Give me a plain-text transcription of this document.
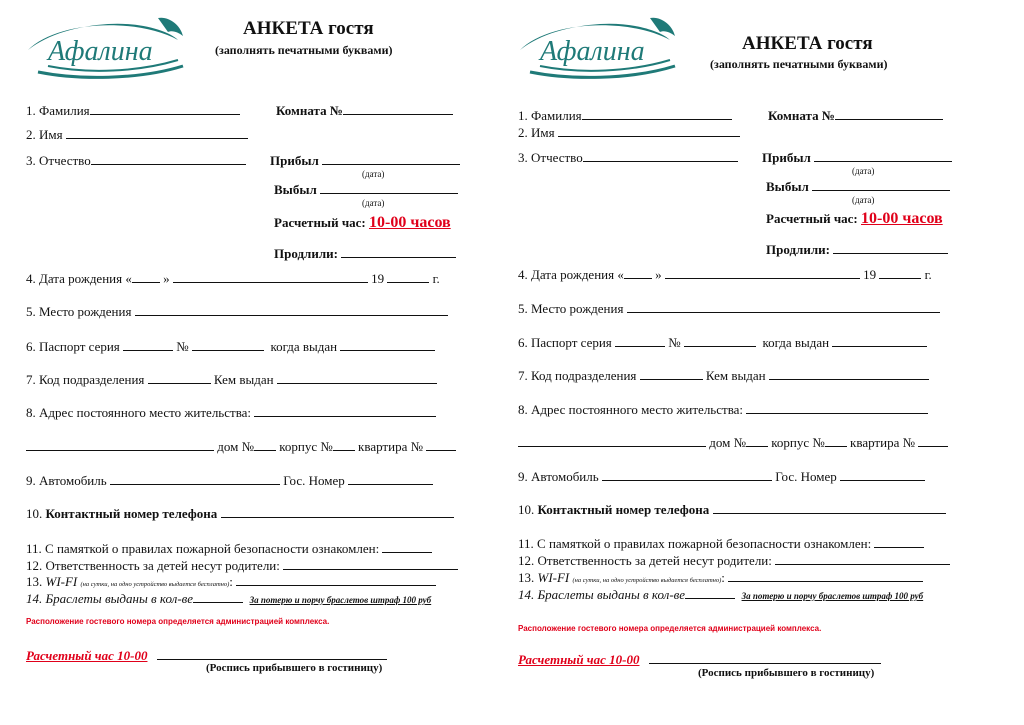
Афалина
АНКЕТА гостя
(заполнять печатными буквами)
1. Фамилия	Комната №
2. Имя
3. Отчество	Прибыл
(дата)
Выбыл
(дата)
Расчетный час: 10-00 часов
Продлили:
4. Дата рождения « »	19	г.
5. Место рождения
6. Паспорт серия	№	когда выдан
7. Код подразделения	Кем выдан
8. Адрес постоянного место жительства:
дом № корпус № квартира №
9. Автомобиль	Гос. Номер
10. Контактный номер телефона
11. С памяткой о правилах пожарной безопасности ознакомлен:
12. Ответственность за детей несут родители:
13. WI-FI (на сутки, на одно устройство выдается бесплатно):
14. Браслеты выданы в кол-ве	За потерю и порчу браслетов штраф 100 руб
Расположение гостевого номера определяется администрацией комплекса.
Расчетный час 10-00
(Роспись прибывшего в гостиницу)
Афалина	АНКЕТА гостя
(заполнять печатными буквами)
1. Фамилия	Комната №
2. Имя
3. Отчество	Прибыл
(дата)
Выбыл
(дата)
Расчетный час: 10-00 часов
Продлили:
4. Дата рождения « »	19	г.
5. Место рождения
6. Паспорт серия	№	когда выдан
7. Код подразделения	Кем выдан
8. Адрес постоянного место жительства:
дом № корпус № квартира №
9. Автомобиль	Гос. Номер
10. Контактный номер телефона
11. С памяткой о правилах пожарной безопасности ознакомлен:
12. Ответственность за детей несут родители:
13. WI-FI (на сутки, на одно устройство выдается бесплатно):
14. Браслеты выданы в кол-ве	За потерю и порчу браслетов штраф 100 руб
Расположение гостевого номера определяется администрацией комплекса.
Расчетный час 10-00
(Роспись прибывшего в гостиницу)
